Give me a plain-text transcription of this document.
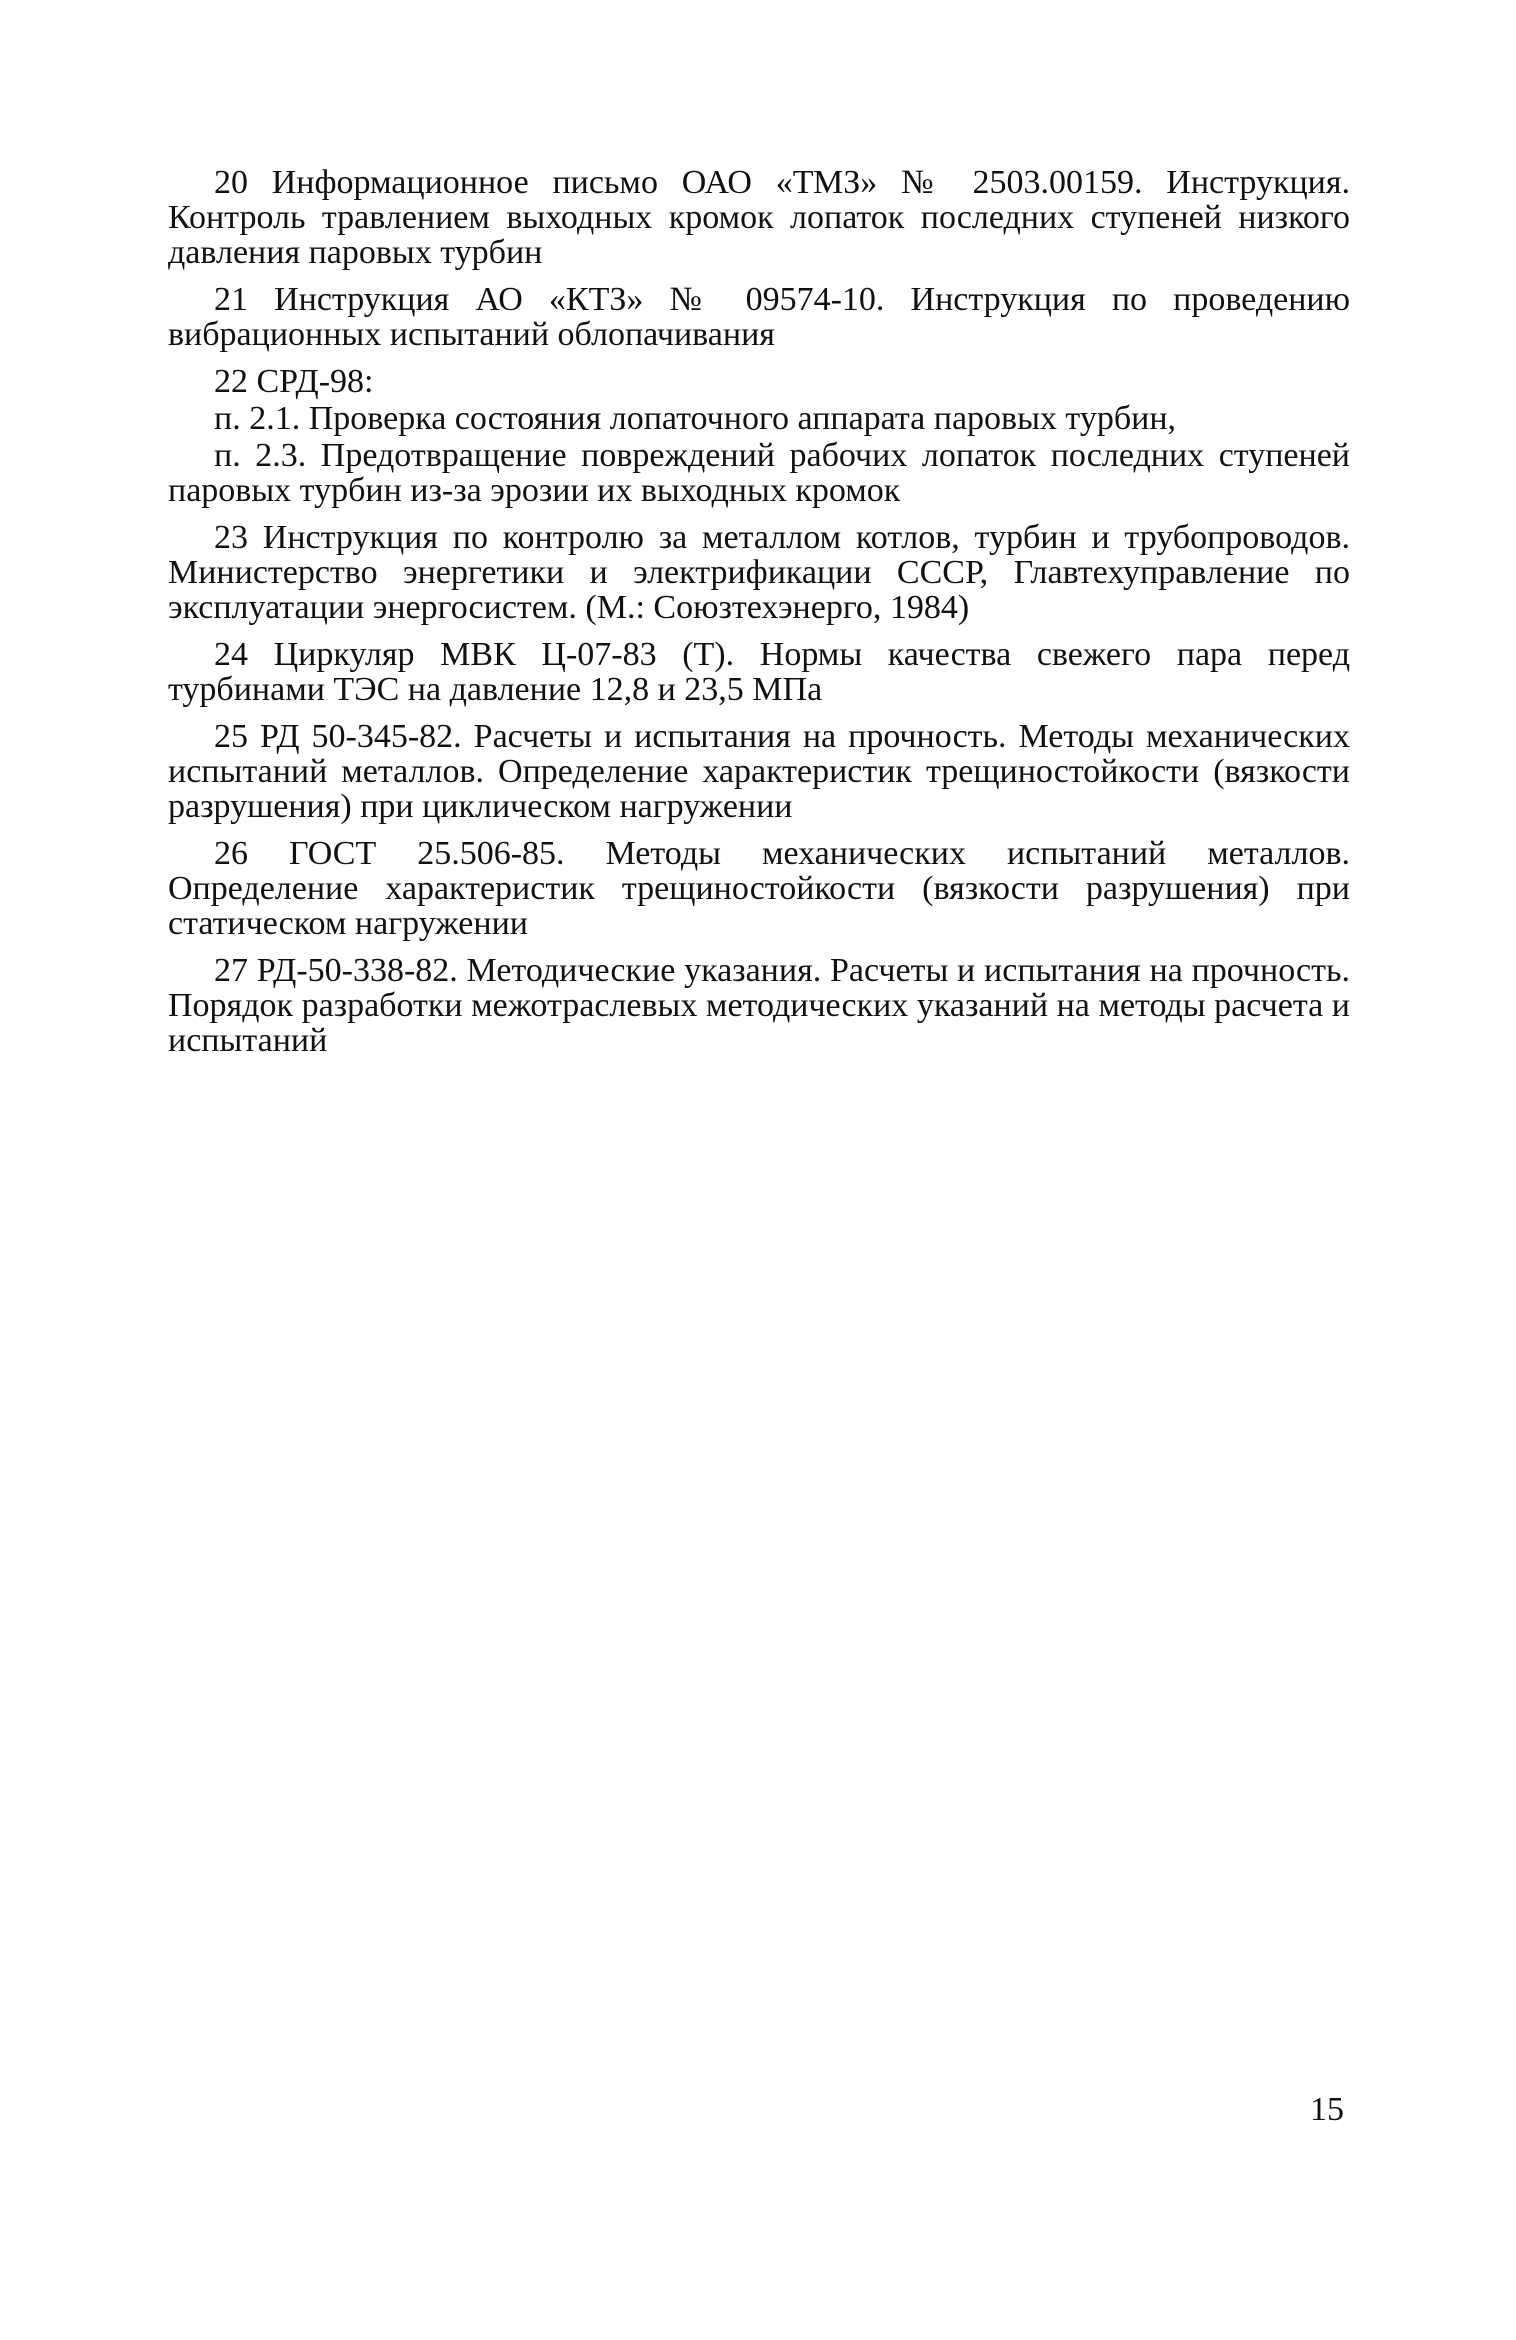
20 Информационное письмо ОАО «ТМЗ» № 2503.00159. Инструкция. Контроль травлением выходных кромок лопаток последних ступеней низкого давления паровых турбин

21 Инструкция АО «КТЗ» № 09574-10. Инструкция по проведению вибрационных испытаний облопачивания

22 СРД-98:

п. 2.1. Проверка состояния лопаточного аппарата паровых турбин,

п. 2.3. Предотвращение повреждений рабочих лопаток последних ступеней паровых турбин из-за эрозии их выходных кромок

23 Инструкция по контролю за металлом котлов, турбин и трубопроводов. Министерство энергетики и электрификации СССР, Главтехуправление по эксплуатации энергосистем. (М.: Союзтехэнерго, 1984)

24 Циркуляр МВК Ц-07-83 (Т). Нормы качества свежего пара перед турбинами ТЭС на давление 12,8 и 23,5 МПа

25 РД 50-345-82. Расчеты и испытания на прочность. Методы механических испытаний металлов. Определение характеристик трещиностойкости (вязкости разрушения) при циклическом нагружении

26 ГОСТ 25.506-85. Методы механических испытаний металлов. Определение характеристик трещиностойкости (вязкости разрушения) при статическом нагружении

27 РД-50-338-82. Методические указания. Расчеты и испытания на прочность. Порядок разработки межотраслевых методических указаний на методы расчета и испытаний

15
